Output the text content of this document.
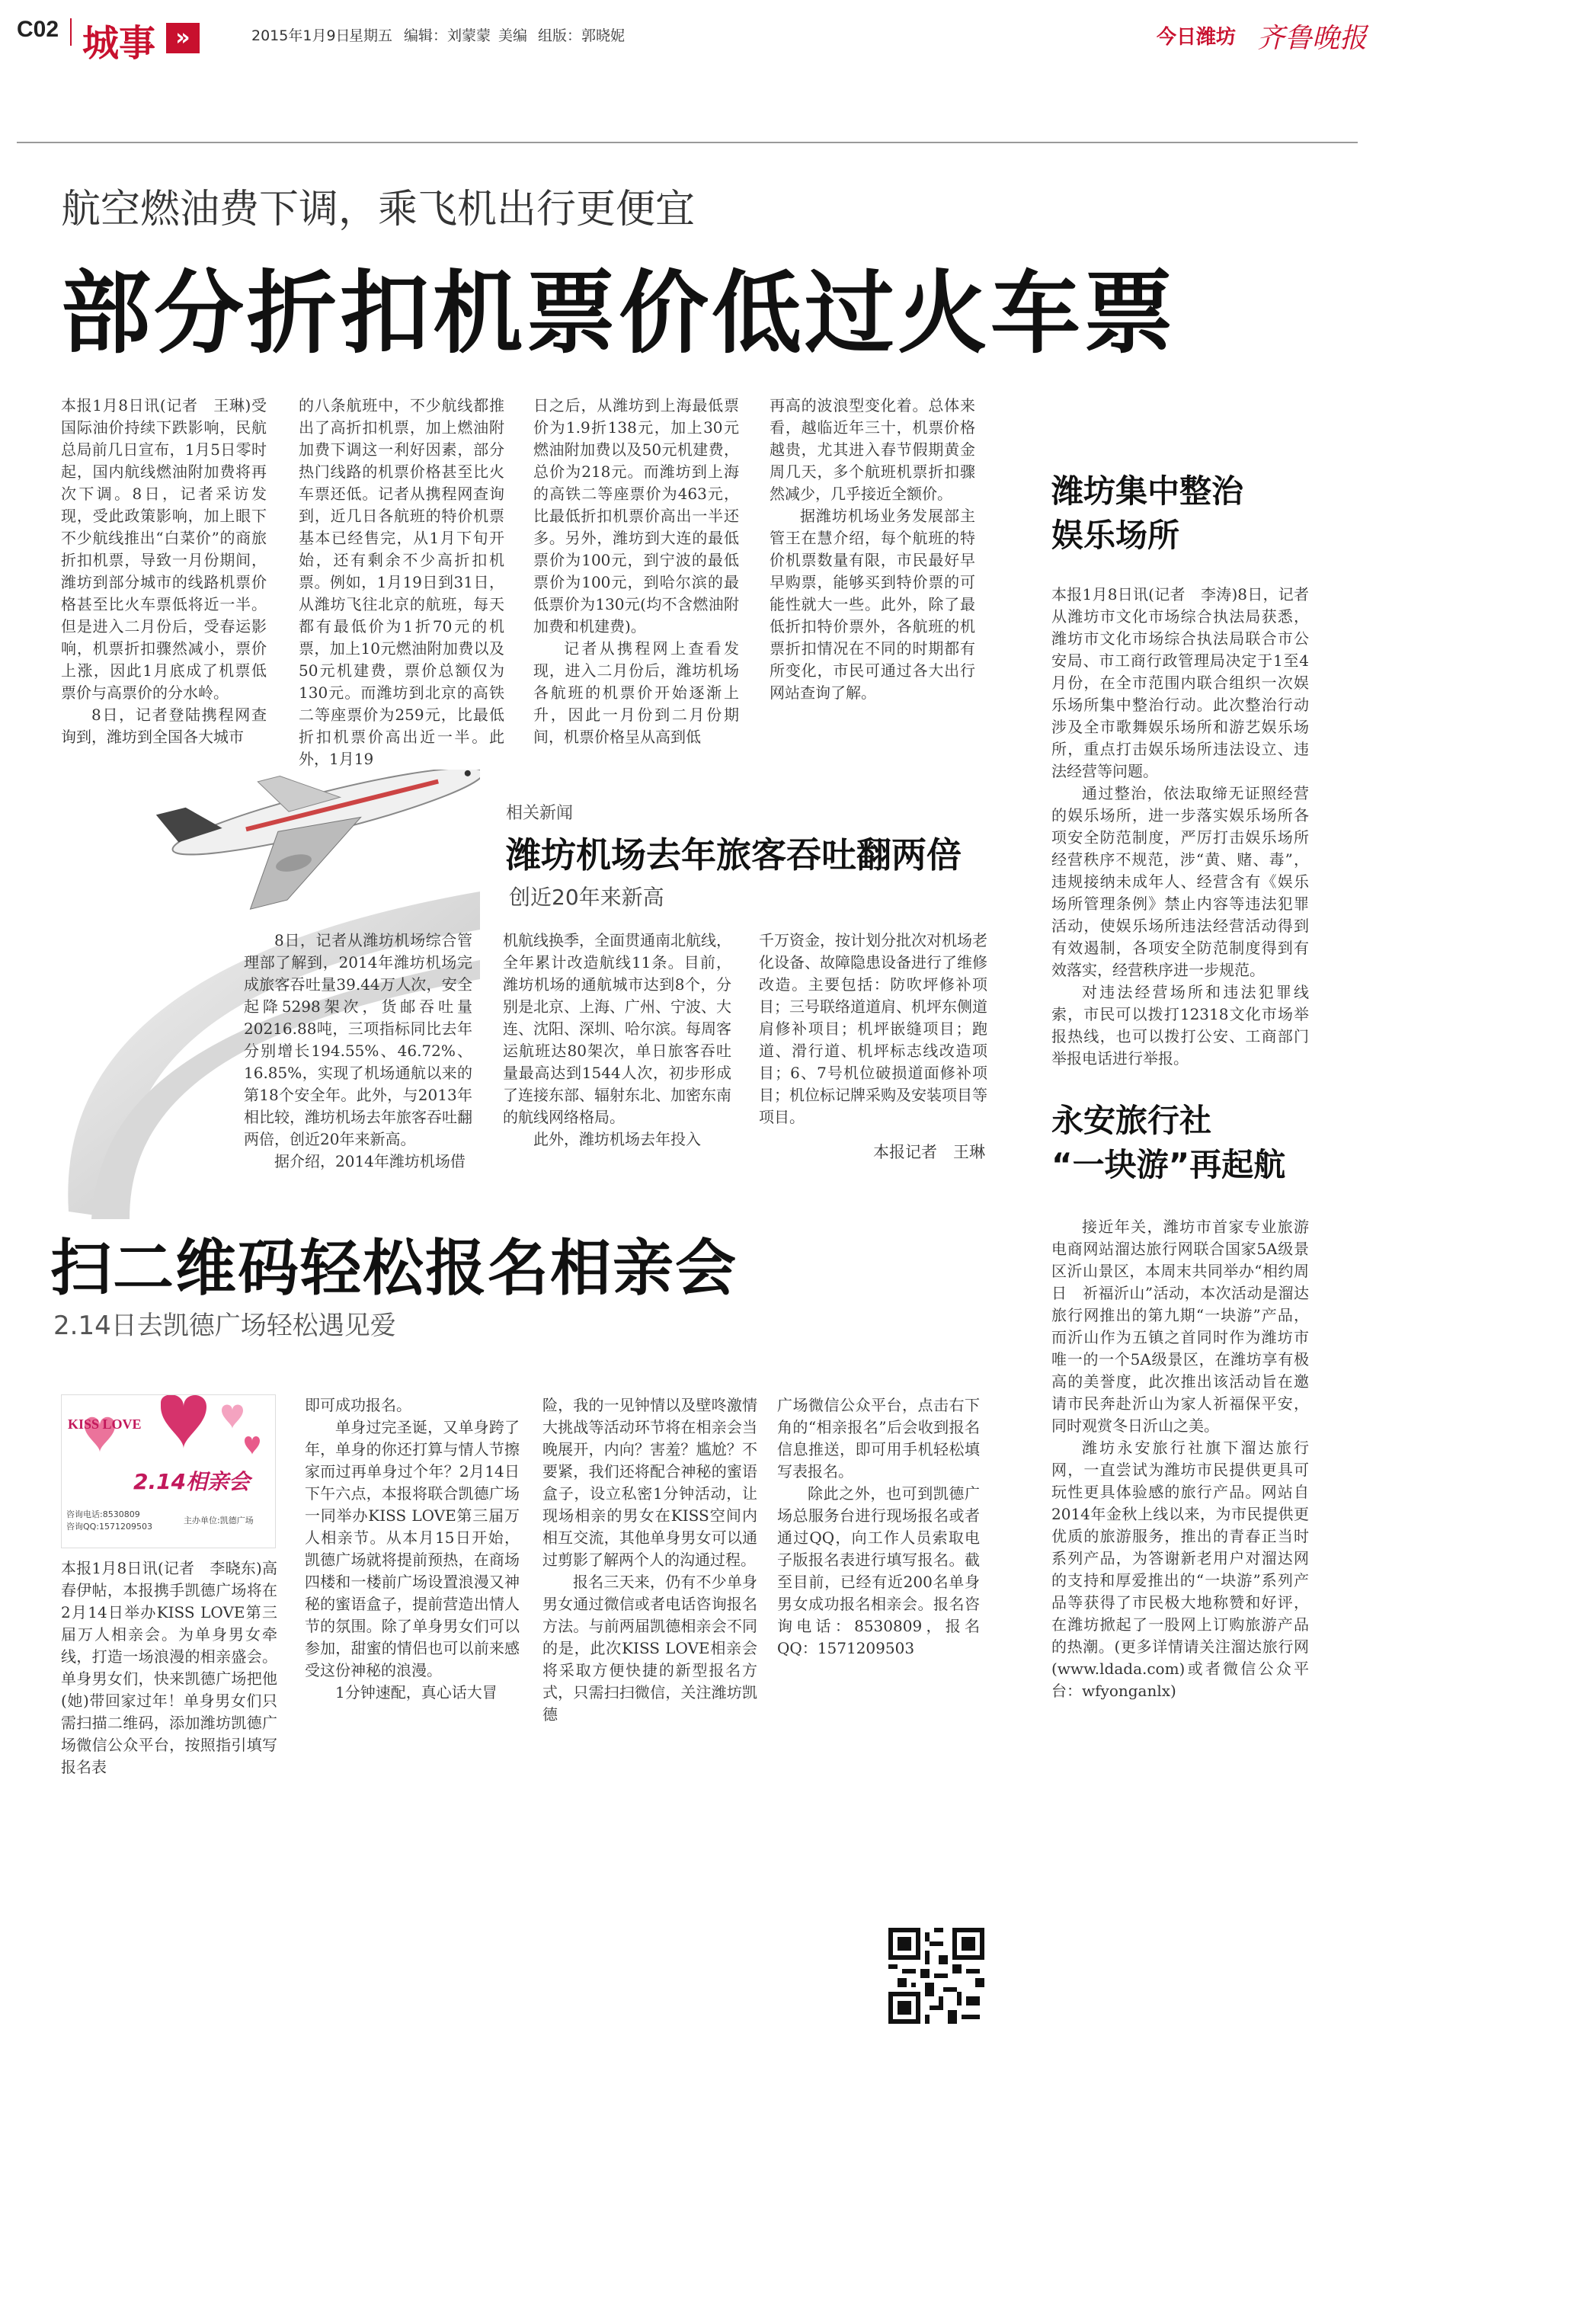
C02 城事 »	2015年1月9日
星期五 编辑：刘蒙蒙 美编 组版：郭晓妮	今日潍坊 齐鲁晚报
航空燃油费下调，乘飞机出行更便宜
部分折扣机票价低过火车票

本报1月8日讯(记者　王琳)受国际油价持续下跌影响，民航总局前几日宣布，1月5日零时起，国内航线燃油附加费将再次下调。8日，记者采访发现，受此政策影响，加上眼下不少航线推出“白菜价”的商旅折扣机票，导致一月份期间，潍坊到部分城市的线路机票价格甚至比火车票低将近一半。但是进入二月份后，受春运影响，机票折扣骤然减小，票价上涨，因此1月底成了机票低票价与高票价的分水岭。

8日，记者登陆携程网查询到，潍坊到全国各大城市

的八条航班中，不少航线都推出了高折扣机票，加上燃油附加费下调这一利好因素，部分热门线路的机票价格甚至比火车票还低。记者从携程网查询到，近几日各航班的特价机票基本已经售完，从1月下旬开始，还有剩余不少高折扣机票。例如，1月19日到31日，从潍坊飞往北京的航班，每天都有最低价为1折70元的机票，加上10元燃油附加费以及50元机建费，票价总额仅为130元。而潍坊到北京的高铁二等座票价为259元，比最低折扣机票价高出近一半。此外，1月19

日之后，从潍坊到上海最低票价为1.9折138元，加上30元燃油附加费以及50元机建费，总价为218元。而潍坊到上海的高铁二等座票价为463元，比最低折扣机票价高出一半还多。另外，潍坊到大连的最低票价为100元，到宁波的最低票价为100元，到哈尔滨的最低票价为130元(均不含燃油附加费和机建费)。

记者从携程网上查看发现，进入二月份后，潍坊机场各航班的机票价开始逐渐上升，因此一月份到二月份期间，机票价格呈从高到低

再高的波浪型变化着。总体来看，越临近年三十，机票价格越贵，尤其进入春节假期黄金周几天，多个航班机票折扣骤然减少，几乎接近全额价。

据潍坊机场业务发展部主管王在慧介绍，每个航班的特价机票数量有限，市民最好早早购票，能够买到特价票的可能性就大一些。此外，除了最低折扣特价票外，各航班的机票折扣情况在不同的时期都有所变化，市民可通过各大出行网站查询了解。

相关新闻
潍坊机场去年旅客吞吐翻两倍
创近20年来新高

8日，记者从潍坊机场综合管理部了解到，2014年潍坊机场完成旅客吞吐量39.44万人次，安全起降5298架次，货邮吞吐量20216.88吨，三项指标同比去年分别增长194.55%、46.72%、16.85%，实现了机场通航以来的第18个安全年。此外，与2013年相比较，潍坊机场去年旅客吞吐翻两倍，创近20年来新高。

据介绍，2014年潍坊机场借

机航线换季，全面贯通南北航线，全年累计改造航线11条。目前，潍坊机场的通航城市达到8个，分别是北京、上海、广州、宁波、大连、沈阳、深圳、哈尔滨。每周客运航班达80架次，单日旅客吞吐量最高达到1544人次，初步形成了连接东部、辐射东北、加密东南的航线网络格局。

此外，潍坊机场去年投入

千万资金，按计划分批次对机场老化设备、故障隐患设备进行了维修改造。主要包括：防吹坪修补项目；三号联络道道肩、机坪东侧道肩修补项目；机坪嵌缝项目；跑道、滑行道、机坪标志线改造项目；6、7号机位破损道面修补项目；机位标记牌采购及安装项目等项目。

本报记者　王琳
扫二维码轻松报名相亲会
2.14日去凯德广场轻松遇见爱
KISS LOVE
2.14相亲会
咨询电话:8530809
咨询QQ:1571209503
主办单位:凯德广场

本报1月8日讯(记者　李晓东)高春伊帖，本报携手凯德广场将在2月14日举办KISS LOVE第三届万人相亲会。为单身男女牵线，打造一场浪漫的相亲盛会。单身男女们，快来凯德广场把他(她)带回家过年！单身男女们只需扫描二维码，添加潍坊凯德广场微信公众平台，按照指引填写报名表

即可成功报名。

单身过完圣诞，又单身跨了年，单身的你还打算与情人节擦家而过再单身过个年？2月14日下午六点，本报将联合凯德广场一同举办KISS LOVE第三届万人相亲节。从本月15日开始，凯德广场就将提前预热，在商场四楼和一楼前广场设置浪漫又神秘的蜜语盒子，提前营造出情人节的氛围。除了单身男女们可以参加，甜蜜的情侣也可以前来感受这份神秘的浪漫。

1分钟速配，真心话大冒

险，我的一见钟情以及壁咚激情大挑战等活动环节将在相亲会当晚展开，内向？害羞？尴尬？不要紧，我们还将配合神秘的蜜语盒子，设立私密1分钟活动，让现场相亲的男女在KISS空间内相互交流，其他单身男女可以通过剪影了解两个人的沟通过程。

报名三天来，仍有不少单身男女通过微信或者电话咨询报名方法。与前两届凯德相亲会不同的是，此次KISS LOVE相亲会将采取方便快捷的新型报名方式，只需扫扫微信，关注潍坊凯德

广场微信公众平台，点击右下角的“相亲报名”后会收到报名信息推送，即可用手机轻松填写表报名。

除此之外，也可到凯德广场总服务台进行现场报名或者通过QQ，向工作人员索取电子版报名表进行填写报名。截至目前，已经有近200名单身男女成功报名相亲会。报名咨询电话：8530809，报名QQ：1571209503

潍坊集中整治
娱乐场所

本报1月8日讯(记者　李涛)8日，记者从潍坊市文化市场综合执法局获悉，潍坊市文化市场综合执法局联合市公安局、市工商行政管理局决定于1至4月份，在全市范围内联合组织一次娱乐场所集中整治行动。此次整治行动涉及全市歌舞娱乐场所和游艺娱乐场所，重点打击娱乐场所违法设立、违法经营等问题。

通过整治，依法取缔无证照经营的娱乐场所，进一步落实娱乐场所各项安全防范制度，严厉打击娱乐场所经营秩序不规范，涉“黄、赌、毒”，违规接纳未成年人、经营含有《娱乐场所管理条例》禁止内容等违法犯罪活动，使娱乐场所违法经营活动得到有效遏制，各项安全防范制度得到有效落实，经营秩序进一步规范。

对违法经营场所和违法犯罪线索，市民可以拨打12318文化市场举报热线，也可以拨打公安、工商部门举报电话进行举报。

永安旅行社
“一块游”再起航

接近年关，潍坊市首家专业旅游电商网站溜达旅行网联合国家5A级景区沂山景区，本周末共同举办“相约周日　祈福沂山”活动，本次活动是溜达旅行网推出的第九期“一块游”产品，而沂山作为五镇之首同时作为潍坊市唯一的一个5A级景区，在潍坊享有极高的美誉度，此次推出该活动旨在邀请市民奔赴沂山为家人祈福保平安，同时观赏冬日沂山之美。

潍坊永安旅行社旗下溜达旅行网，一直尝试为潍坊市民提供更具可玩性更具体验感的旅行产品。网站自2014年金秋上线以来，为市民提供更优质的旅游服务，推出的青春正当时系列产品，为答谢新老用户对溜达网的支持和厚爱推出的“一块游”系列产品等获得了市民极大地称赞和好评，在潍坊掀起了一股网上订购旅游产品的热潮。(更多详情请关注溜达旅行网(www.ldada.com)或者微信公众平台：wfyonganlx)
